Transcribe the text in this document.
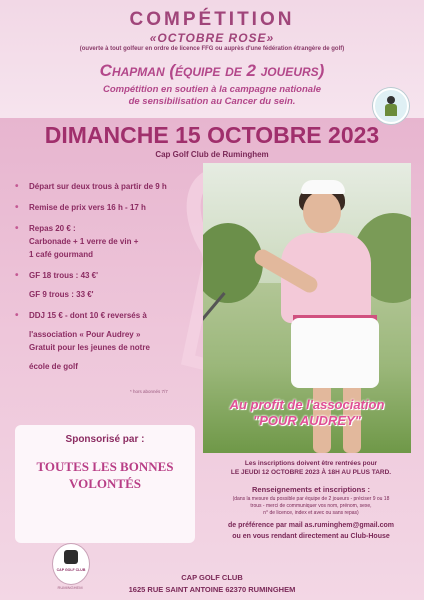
COMPÉTITION
«OCTOBRE ROSE»
(ouverte à tout golfeur en ordre de licence FFG ou auprès d'une fédération étrangère de golf)
Chapman (équipe de 2 joueurs)
Compétition en soutien à la campagne nationale
de sensibilisation au Cancer du sein.
DIMANCHE 15 OCTOBRE 2023
Cap Golf Club de Ruminghem
• Départ sur deux trous à partir de 9 h
• Remise de prix vers 16 h - 17 h
• Repas 20 € :
Carbonade + 1 verre de vin +
1 café gourmand
• GF 18 trous : 43 €'
GF 9 trous : 33 €'
• DDJ 15 € - dont 10 € reversés à
l'association « Pour Audrey »
Gratuit pour les jeunes de notre
école de golf
* hors abonnés 7/7
Au profit de l'association
"POUR AUDREY"
Sponsorisé par :
TOUTES LES BONNES
VOLONTÉS
Les inscriptions doivent être rentrées pour
LE JEUDI 12 OCTOBRE 2023 À 18H AU PLUS TARD.
Renseignements et inscriptions :
(dans la mesure du possible par équipe de 2 joueurs - préciser 9 ou 18
trous - merci de communiquer vos nom, prénom, sexe,
n° de licence, index et avec ou sans repas)
de préférence par mail as.ruminghem@gmail.com
ou en vous rendant directement au Club-House
CAP GOLF CLUB
RUMINGHEM
CAP GOLF CLUB
1625 RUE SAINT ANTOINE 62370 RUMINGHEM
